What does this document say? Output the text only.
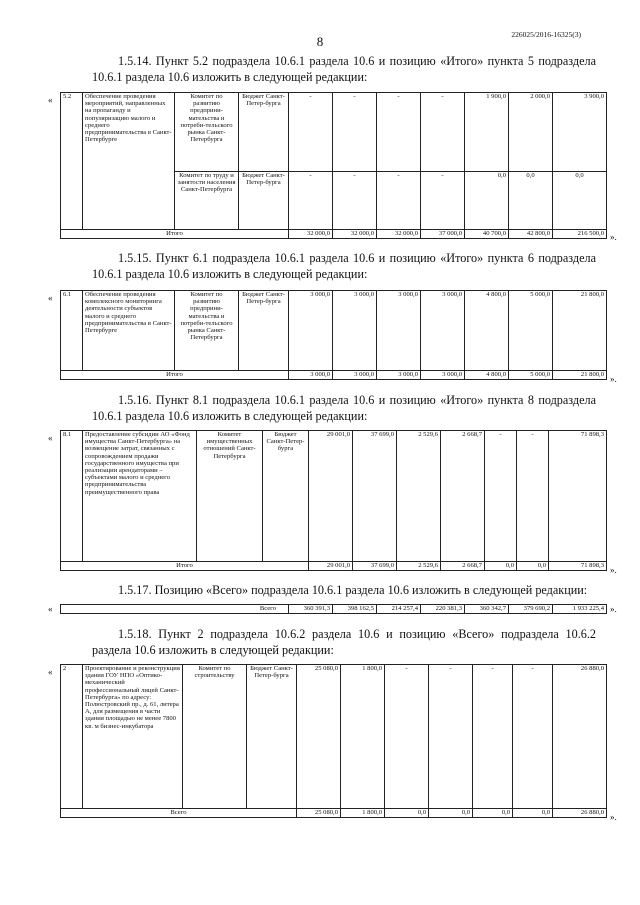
226025/2016-16325(3)
8

1.5.14. Пункт 5.2 подраздела 10.6.1 раздела 10.6 и позицию «Итого» пункта 5 подраздела 10.6.1 раздела 10.6 изложить в следующей редакции:

« 5.2	Обеспечение проведения мероприятий, направленных на пропаганду и популяризацию малого и среднего предпринимательства в Санкт-Петербурге	Комитет по развитию предприни-мательства и потреби-тельского рынка Санкт-Петербурга	Бюджет Санкт-Петер-бурга	-	-	-	-	1 900,0	2 000,0	3 900,0
		Комитет по труду и занятости населения Санкт-Петербурга	Бюджет Санкт-Петер-бурга	-	-	-	-	0,0	0,0	0,0
Итого				32 000,0	32 000,0	32 000,0	37 000,0	40 700,0	42 800,0	216 500,0 ».

1.5.15. Пункт 6.1 подраздела 10.6.1 раздела 10.6 и позицию «Итого» пункта 6 подраздела 10.6.1 раздела 10.6 изложить в следующей редакции:

« 6.1	Обеспечение проведения комплексного мониторинга деятельности субъектов малого и среднего предпринимательства в Санкт-Петербурге	Комитет по развитию предприни-мательства и потреби-тельского рынка Санкт-Петербурга	Бюджет Санкт-Петер-бурга	3 000,0	3 000,0	3 000,0	3 000,0	4 800,0	5 000,0	21 800,0
Итого				3 000,0	3 000,0	3 000,0	3 000,0	4 800,0	5 000,0	21 800,0 ».

1.5.16. Пункт 8.1 подраздела 10.6.1 раздела 10.6 и позицию «Итого» пункта 8 подраздела 10.6.1 раздела 10.6 изложить в следующей редакции:

« 8.1	Предоставление субсидии АО «Фонд имущества Санкт-Петербурга» на возмещение затрат, связанных с сопровождением продажи государственного имущества при реализации арендаторами – субъектами малого и среднего предпринимательства преимущественного права	Комитет имущественных отношений Санкт-Петербурга	Бюджет Санкт-Петер-бурга	29 001,0	37 699,0	2 529,6	2 668,7	-	-	71 898,3
Итого				29 001,0	37 699,0	2 529,6	2 668,7	0,0	0,0	71 898,3 ».

1.5.17. Позицию «Всего» подраздела 10.6.1 раздела 10.6 изложить в следующей редакции:

«	Всего	360 391,3	398 162,5	214 257,4	220 381,3	360 342,7	379 690,2	1 933 225,4 ».

1.5.18. Пункт 2 подраздела 10.6.2 раздела 10.6 и позицию «Всего» подраздела 10.6.2 раздела 10.6 изложить в следующей редакции:

« 2	Проектирование и реконструкция здания ГОУ НПО «Оптико-механический профессиональный лицей Санкт-Петербурга» по адресу: Полюстровский пр., д. 61, литера А, для размещения в части здания площадью не менее 7800 кв. м бизнес-инкубатора	Комитет по строительству	Бюджет Санкт-Петер-бурга	25 080,0	1 800,0	-	-	-	-	26 880,0
Всего				25 080,0	1 800,0	0,0	0,0	0,0	0,0	26 880,0 ».
